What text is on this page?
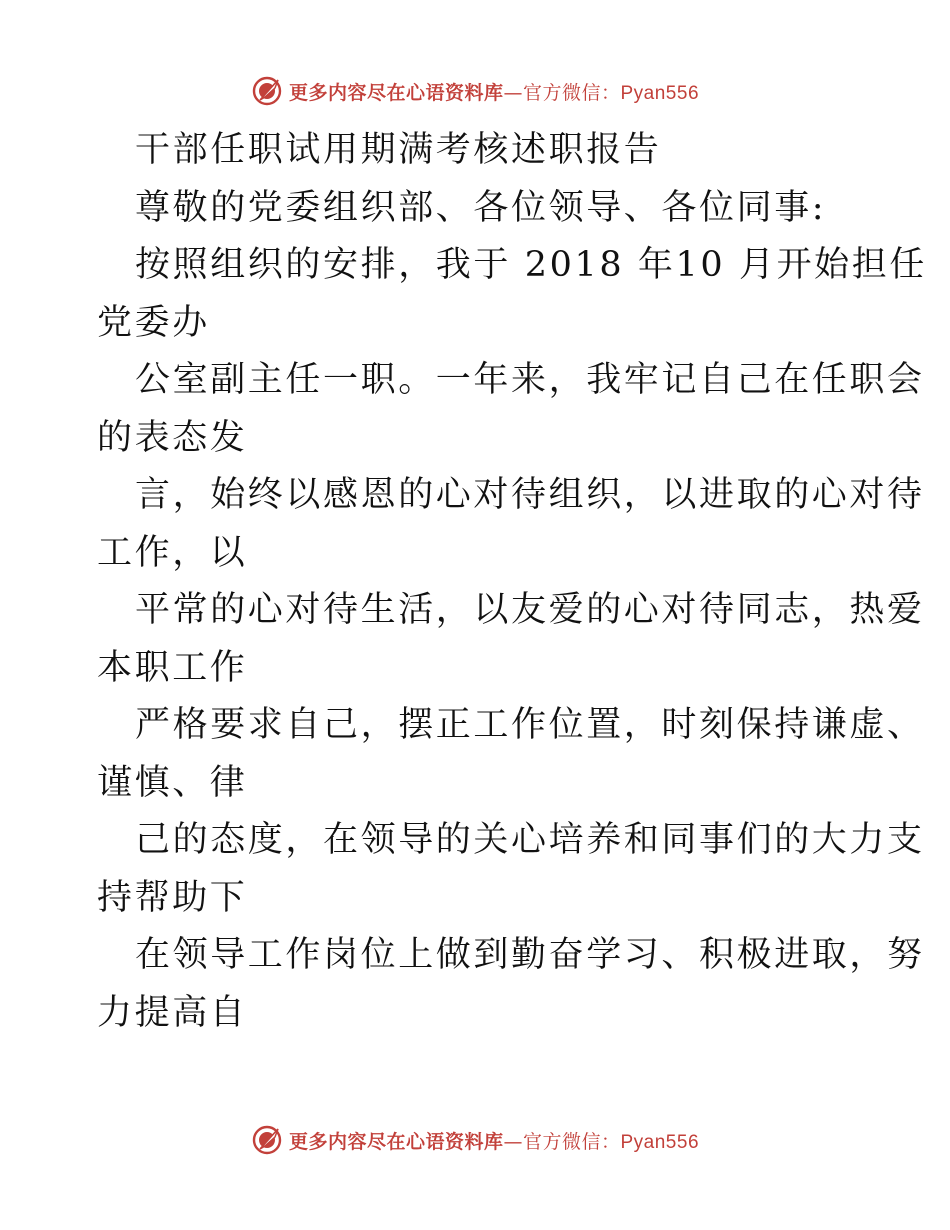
更多内容尽在心语资料库—官方微信：Pyan556
干部任职试用期满考核述职报告
尊敬的党委组织部、各位领导、各位同事:
按照组织的安排，我于 2018 年10 月开始担任
党委办
公室副主任一职。一年来，我牢记自己在任职会
的表态发
言，始终以感恩的心对待组织，以进取的心对待
工作，以
平常的心对待生活，以友爱的心对待同志，热爱
本职工作
严格要求自己，摆正工作位置，时刻保持谦虚、
谨慎、律
己的态度，在领导的关心培养和同事们的大力支
持帮助下
在领导工作岗位上做到勤奋学习、积极进取，努
力提高自
更多内容尽在心语资料库—官方微信：Pyan556
